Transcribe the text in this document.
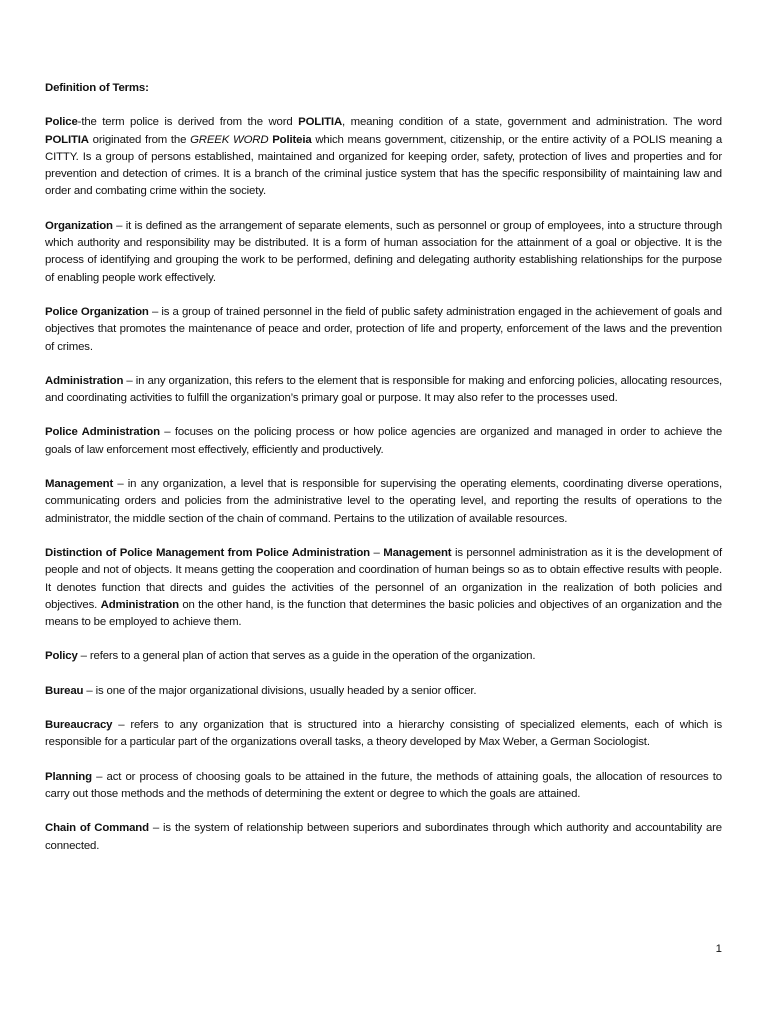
Definition of Terms:

Police-the term police is derived from the word POLITIA, meaning condition of a state, government and administration. The word POLITIA originated from the GREEK WORD Politeia which means government, citizenship, or the entire activity of a POLIS meaning a CITTY. Is a group of persons established, maintained and organized for keeping order, safety, protection of lives and properties and for prevention and detection of crimes. It is a branch of the criminal justice system that has the specific responsibility of maintaining law and order and combating crime within the society.

Organization – it is defined as the arrangement of separate elements, such as personnel or group of employees, into a structure through which authority and responsibility may be distributed. It is a form of human association for the attainment of a goal or objective. It is the process of identifying and grouping the work to be performed, defining and delegating authority establishing relationships for the purpose of enabling people work effectively.

Police Organization – is a group of trained personnel in the field of public safety administration engaged in the achievement of goals and objectives that promotes the maintenance of peace and order, protection of life and property, enforcement of the laws and the prevention of crimes.

Administration – in any organization, this refers to the element that is responsible for making and enforcing policies, allocating resources, and coordinating activities to fulfill the organization’s primary goal or purpose. It may also refer to the processes used.

Police Administration – focuses on the policing process or how police agencies are organized and managed in order to achieve the goals of law enforcement most effectively, efficiently and productively.

Management – in any organization, a level that is responsible for supervising the operating elements, coordinating diverse operations, communicating orders and policies from the administrative level to the operating level, and reporting the results of operations to the administrator, the middle section of the chain of command. Pertains to the utilization of available resources.

Distinction of Police Management from Police Administration – Management is personnel administration as it is the development of people and not of objects. It means getting the cooperation and coordination of human beings so as to obtain effective results with people. It denotes function that directs and guides the activities of the personnel of an organization in the realization of both policies and objectives. Administration on the other hand, is the function that determines the basic policies and objectives of an organization and the means to be employed to achieve them.

Policy – refers to a general plan of action that serves as a guide in the operation of the organization.

Bureau – is one of the major organizational divisions, usually headed by a senior officer.

Bureaucracy – refers to any organization that is structured into a hierarchy consisting of specialized elements, each of which is responsible for a particular part of the organizations overall tasks, a theory developed by Max Weber, a German Sociologist.

Planning – act or process of choosing goals to be attained in the future, the methods of attaining goals, the allocation of resources to carry out those methods and the methods of determining the extent or degree to which the goals are attained.

Chain of Command – is the system of relationship between superiors and subordinates through which authority and accountability are connected.

1
